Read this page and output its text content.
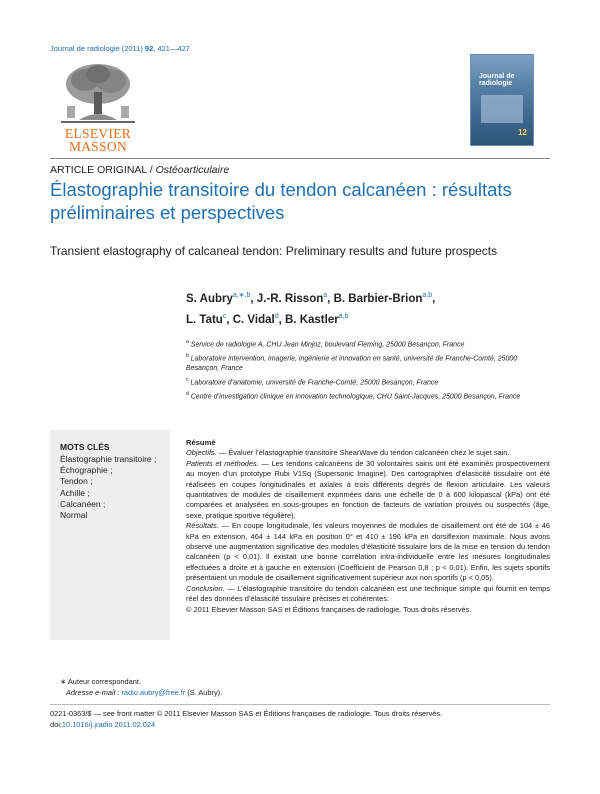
Journal de radiologie (2011) 92, 421—427
ELSEVIER
MASSON
Journal de radiologie
12
ARTICLE ORIGINAL / Ostéoarticulaire
Élastographie transitoire du tendon calcanéen : résultats préliminaires et perspectives
Transient elastography of calcaneal tendon: Preliminary results and future prospects
S. Aubry$^{a,∗,b}$, J.-R. Risson$^a$, B. Barbier-Brion$^{a,b}$,
L. Tatu$^c$, C. Vidal$^d$, B. Kastler$^{a,b}$
$^a$ Service de radiologie A, CHU Jean Minjoz, boulevard Fleming, 25000 Besançon, France
$^b$ Laboratoire intervention, imagerie, ingénierie et innovation en santé, université de Franche-Comté, 25000 Besançon, France
$^c$ Laboratoire d’anatomie, université de Franche-Comté, 25000 Besançon, France
$^d$ Centre d’investigation clinique en innovation technologique, CHU Saint-Jacques, 25000 Besançon, France
MOTS CLÉS
Élastographie transitoire ;
Échographie ;
Tendon ;
Achille ;
Calcanéen ;
Normal
Résumé

Objectifs. — Évaluer l’élastographie transitoire ShearWave du tendon calcanéen chez le sujet sain.

Patients et méthodes. — Les tendons calcanéens de 30 volontaires sains ont été examinés prospectivement au moyen d’un prototype Rubi V1Sq (Supersonic Imagine). Des cartographies d’élasticité tissulaire ont été réalisées en coupes longitudinales et axiales à trois différents degrés de flexion articulaire. Les valeurs quantitatives de modules de cisaillement exprimées dans une échelle de 0 à 600 kilopascal (kPa) ont été comparées et analysées en sous-groupes en fonction de facteurs de variation prouvés ou suspectés (âge, sexe, pratique sportive régulière).

Résultats. — En coupe longitudinale, les valeurs moyennes de modules de cisaillement ont été de 104 ± 46 kPa en extension, 464 ± 144 kPa en position 0° et 410 ± 196 kPa en dorsiflexion maximale. Nous avons observé une augmentation significative des modules d’élasticité tissulaire lors de la mise en tension du tendon calcanéen (p < 0,01). Il existait une bonne corrélation intra-individuelle entre les mesures longitudinales effectuées à droite et à gauche en extension (Coefficient de Pearson 0,8 ; p < 0,01). Enfin, les sujets sportifs présentaient un module de cisaillement significativement supérieur aux non sportifs (p < 0,05).

Conclusion. — L’élastographie transitoire du tendon calcanéen est une technique simple qui fournit en temps réel des données d’élasticité tissulaire précises et cohérentes.

© 2011 Elsevier Masson SAS et Éditions françaises de radiologie. Tous droits réservés.

∗ Auteur correspondant.
Adresse e-mail : radio.aubry@free.fr (S. Aubry).
0221-0363/$ — see front matter © 2011 Elsevier Masson SAS et Éditions françaises de radiologie. Tous droits réservés.
doi:10.1016/j.jradio.2011.02.024
